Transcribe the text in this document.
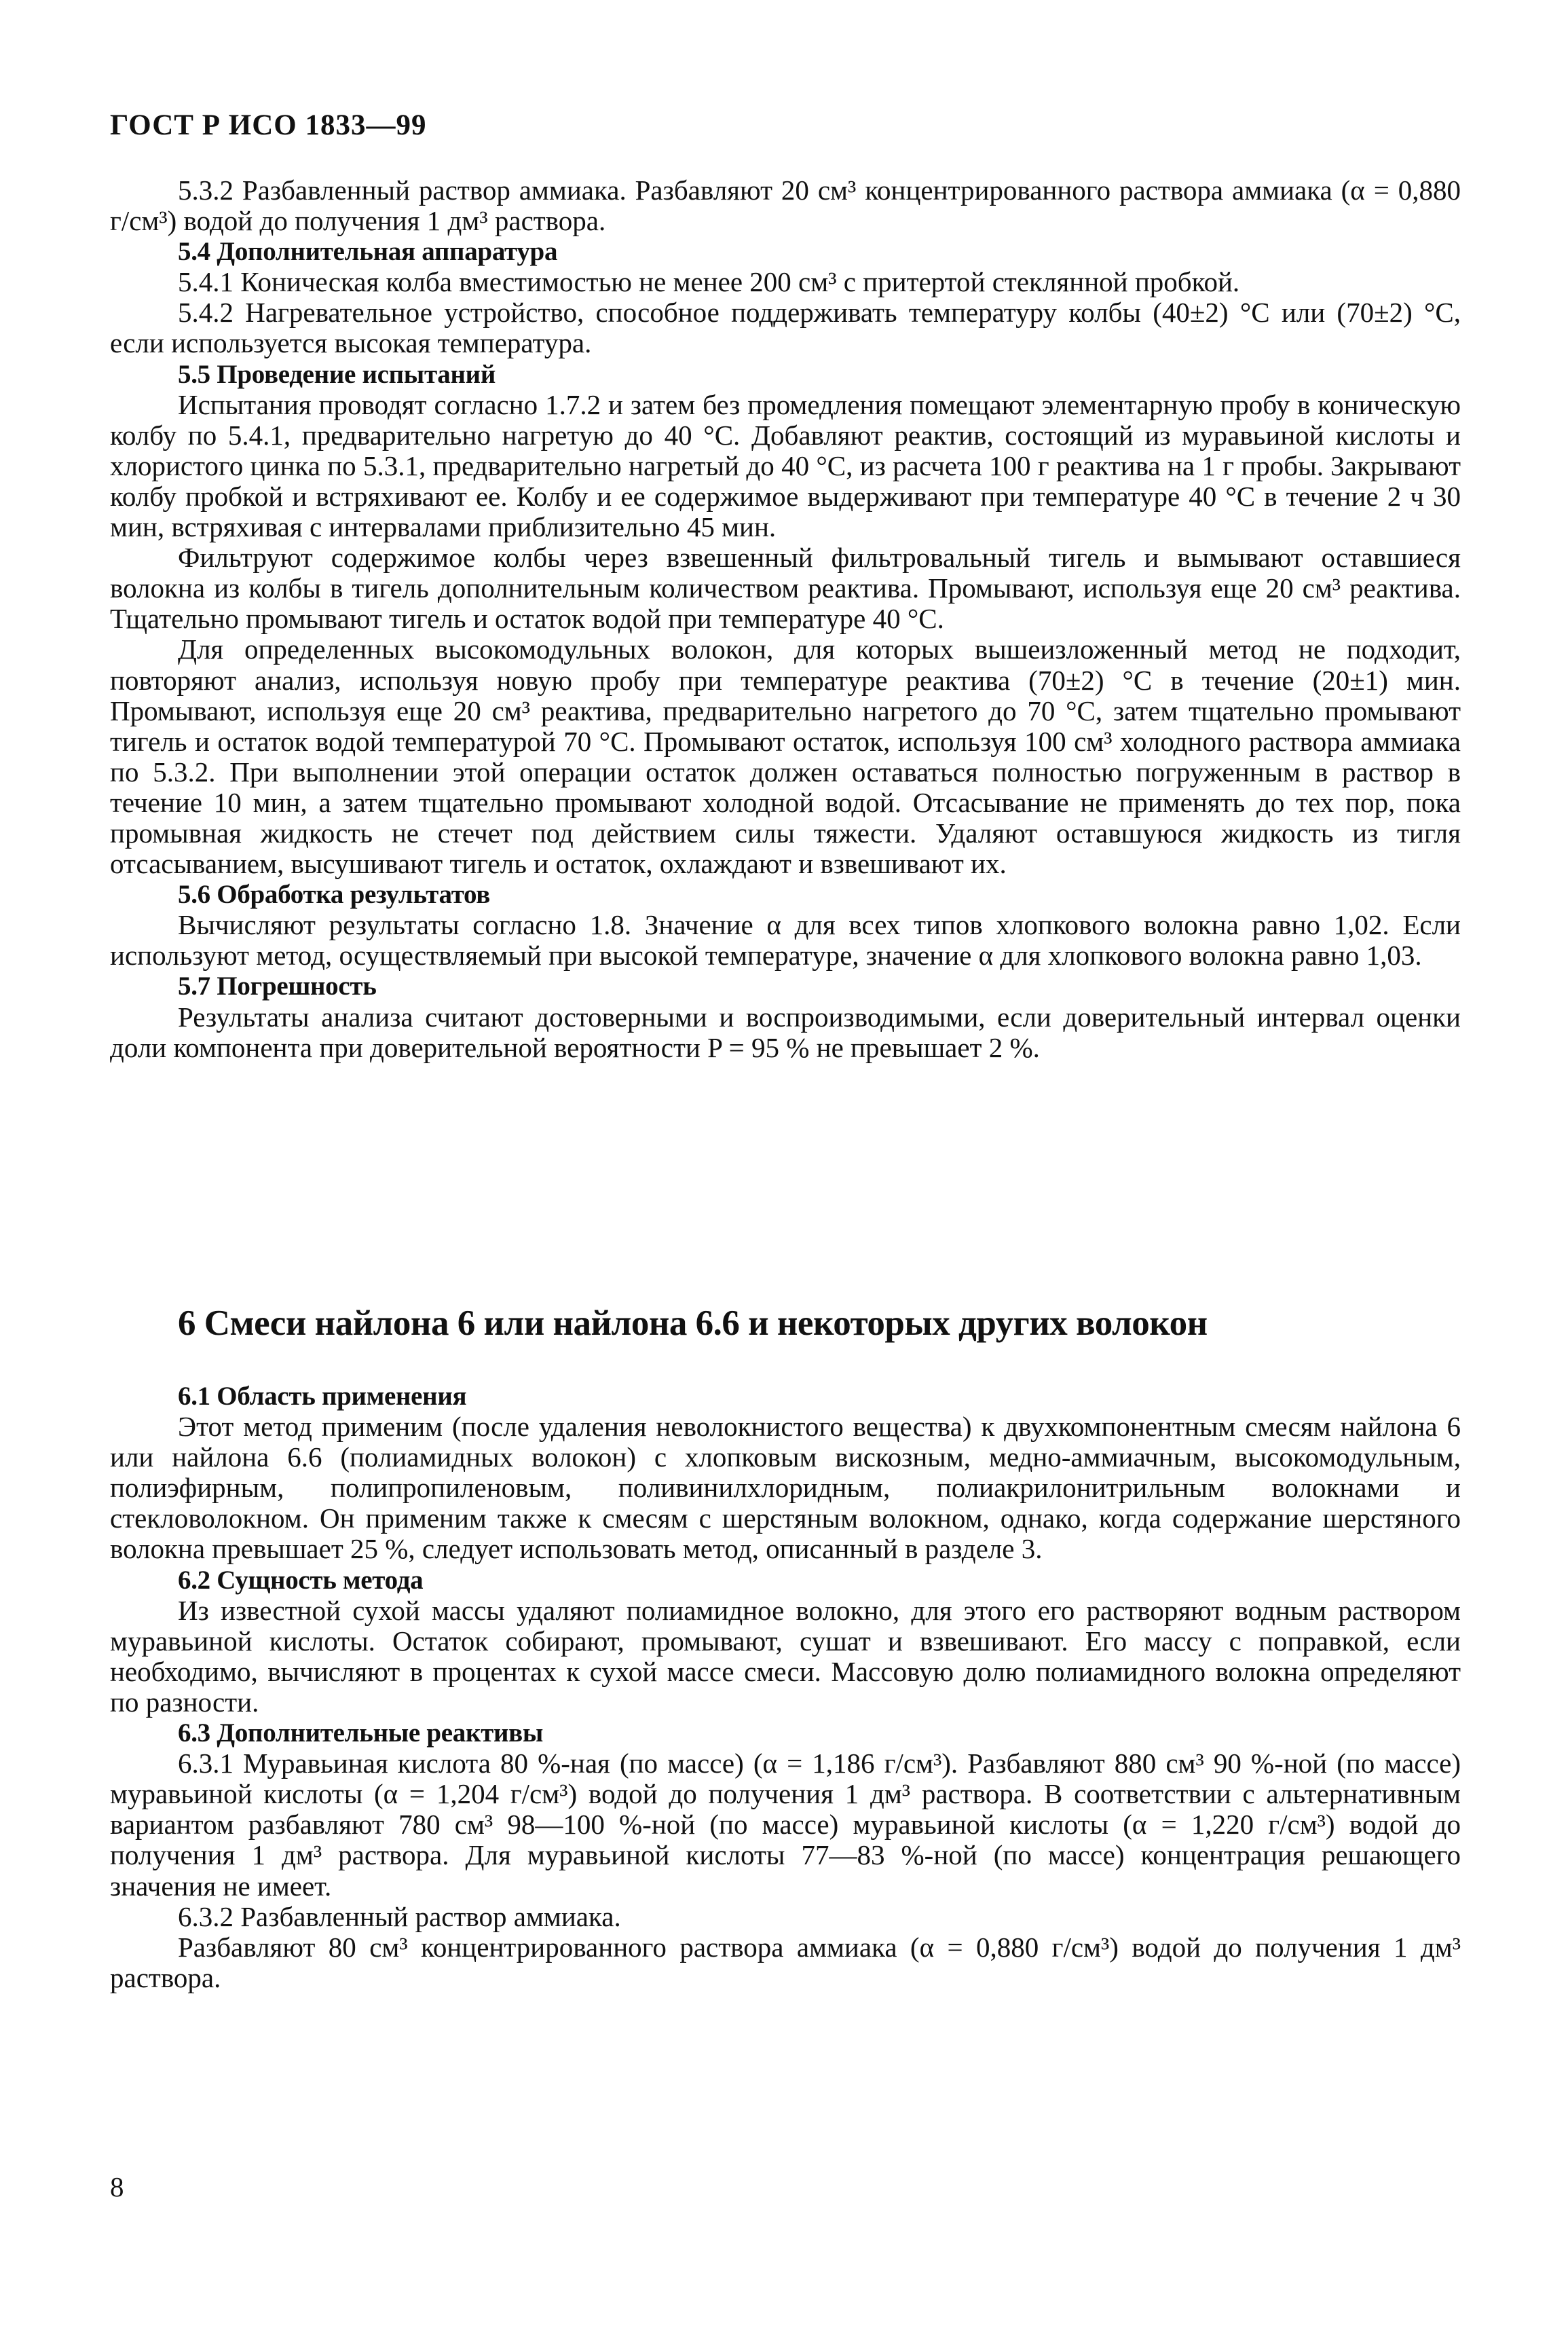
ГОСТ Р ИСО 1833—99

5.3.2 Разбавленный раствор аммиака. Разбавляют 20 см³ концентрированного раствора аммиака (α = 0,880 г/см³) водой до получения 1 дм³ раствора.

5.4 Дополнительная аппаратура

5.4.1 Коническая колба вместимостью не менее 200 см³ с притертой стеклянной пробкой.

5.4.2 Нагревательное устройство, способное поддерживать температуру колбы (40±2) °С или (70±2) °С, если используется высокая температура.

5.5 Проведение испытаний

Испытания проводят согласно 1.7.2 и затем без промедления помещают элементарную пробу в коническую колбу по 5.4.1, предварительно нагретую до 40 °С. Добавляют реактив, состоящий из муравьиной кислоты и хлористого цинка по 5.3.1, предварительно нагретый до 40 °С, из расчета 100 г реактива на 1 г пробы. Закрывают колбу пробкой и встряхивают ее. Колбу и ее содержимое выдерживают при температуре 40 °С в течение 2 ч 30 мин, встряхивая с интервалами приблизительно 45 мин.

Фильтруют содержимое колбы через взвешенный фильтровальный тигель и вымывают оставшиеся волокна из колбы в тигель дополнительным количеством реактива. Промывают, используя еще 20 см³ реактива. Тщательно промывают тигель и остаток водой при температуре 40 °С.

Для определенных высокомодульных волокон, для которых вышеизложенный метод не подходит, повторяют анализ, используя новую пробу при температуре реактива (70±2) °С в течение (20±1) мин. Промывают, используя еще 20 см³ реактива, предварительно нагретого до 70 °С, затем тщательно промывают тигель и остаток водой температурой 70 °С. Промывают остаток, используя 100 см³ холодного раствора аммиака по 5.3.2. При выполнении этой операции остаток должен оставаться полностью погруженным в раствор в течение 10 мин, а затем тщательно промывают холодной водой. Отсасывание не применять до тех пор, пока промывная жидкость не стечет под действием силы тяжести. Удаляют оставшуюся жидкость из тигля отсасыванием, высушивают тигель и остаток, охлаждают и взвешивают их.

5.6 Обработка результатов

Вычисляют результаты согласно 1.8. Значение α для всех типов хлопкового волокна равно 1,02. Если используют метод, осуществляемый при высокой температуре, значение α для хлопкового волокна равно 1,03.

5.7 Погрешность

Результаты анализа считают достоверными и воспроизводимыми, если доверительный интервал оценки доли компонента при доверительной вероятности P = 95 % не превышает 2 %.

6 Смеси найлона 6 или найлона 6.6 и некоторых других волокон

6.1 Область применения

Этот метод применим (после удаления неволокнистого вещества) к двухкомпонентным смесям найлона 6 или найлона 6.6 (полиамидных волокон) с хлопковым вискозным, медно-аммиачным, высокомодульным, полиэфирным, полипропиленовым, поливинилхлоридным, полиакрилонитрильным волокнами и стекловолокном. Он применим также к смесям с шерстяным волокном, однако, когда содержание шерстяного волокна превышает 25 %, следует использовать метод, описанный в разделе 3.

6.2 Сущность метода

Из известной сухой массы удаляют полиамидное волокно, для этого его растворяют водным раствором муравьиной кислоты. Остаток собирают, промывают, сушат и взвешивают. Его массу с поправкой, если необходимо, вычисляют в процентах к сухой массе смеси. Массовую долю полиамидного волокна определяют по разности.

6.3 Дополнительные реактивы

6.3.1 Муравьиная кислота 80 %-ная (по массе) (α = 1,186 г/см³). Разбавляют 880 см³ 90 %-ной (по массе) муравьиной кислоты (α = 1,204 г/см³) водой до получения 1 дм³ раствора. В соответствии с альтернативным вариантом разбавляют 780 см³ 98—100 %-ной (по массе) муравьиной кислоты (α = 1,220 г/см³) водой до получения 1 дм³ раствора. Для муравьиной кислоты 77—83 %-ной (по массе) концентрация решающего значения не имеет.

6.3.2 Разбавленный раствор аммиака.

Разбавляют 80 см³ концентрированного раствора аммиака (α = 0,880 г/см³) водой до получения 1 дм³ раствора.

8
